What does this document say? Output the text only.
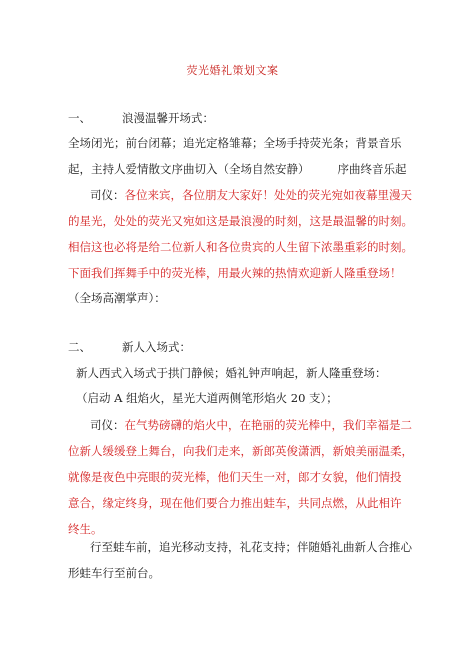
荧光婚礼策划文案
一、	浪漫温馨开场式：
全场闭光；前台闭幕；追光定格雏幕；全场手持荧光条；背景音乐
起，主持人爱情散文序曲切入（全场自然安静） 序曲终音乐起
司仪：各位来宾，各位朋友大家好！处处的荧光宛如夜幕里漫天
的星光，处处的荧光又宛如这是最浪漫的时刻，这是最温馨的时刻。
相信这也必将是给二位新人和各位贵宾的人生留下浓墨重彩的时刻。
下面我们挥舞手中的荧光棒，用最火辣的热情欢迎新人隆重登场！
（全场高潮掌声）：
二、	新人入场式：
新人西式入场式于拱门静候；婚礼钟声响起，新人隆重登场：
（启动 A 组焰火，星光大道两侧笔形焰火 20 支）；
司仪：在气势磅礴的焰火中，在艳丽的荧光棒中，我们幸福是二
位新人缓缓登上舞台，向我们走来，新郎英俊潇洒，新娘美丽温柔，
就像是夜色中亮眼的荧光棒，他们天生一对，郎才女貌，他们情投
意合，缘定终身，现在他们要合力推出蛙车，共同点燃，从此相许
终生。
行至蛙车前，追光移动支持，礼花支持；伴随婚礼曲新人合推心
形蛙车行至前台。
